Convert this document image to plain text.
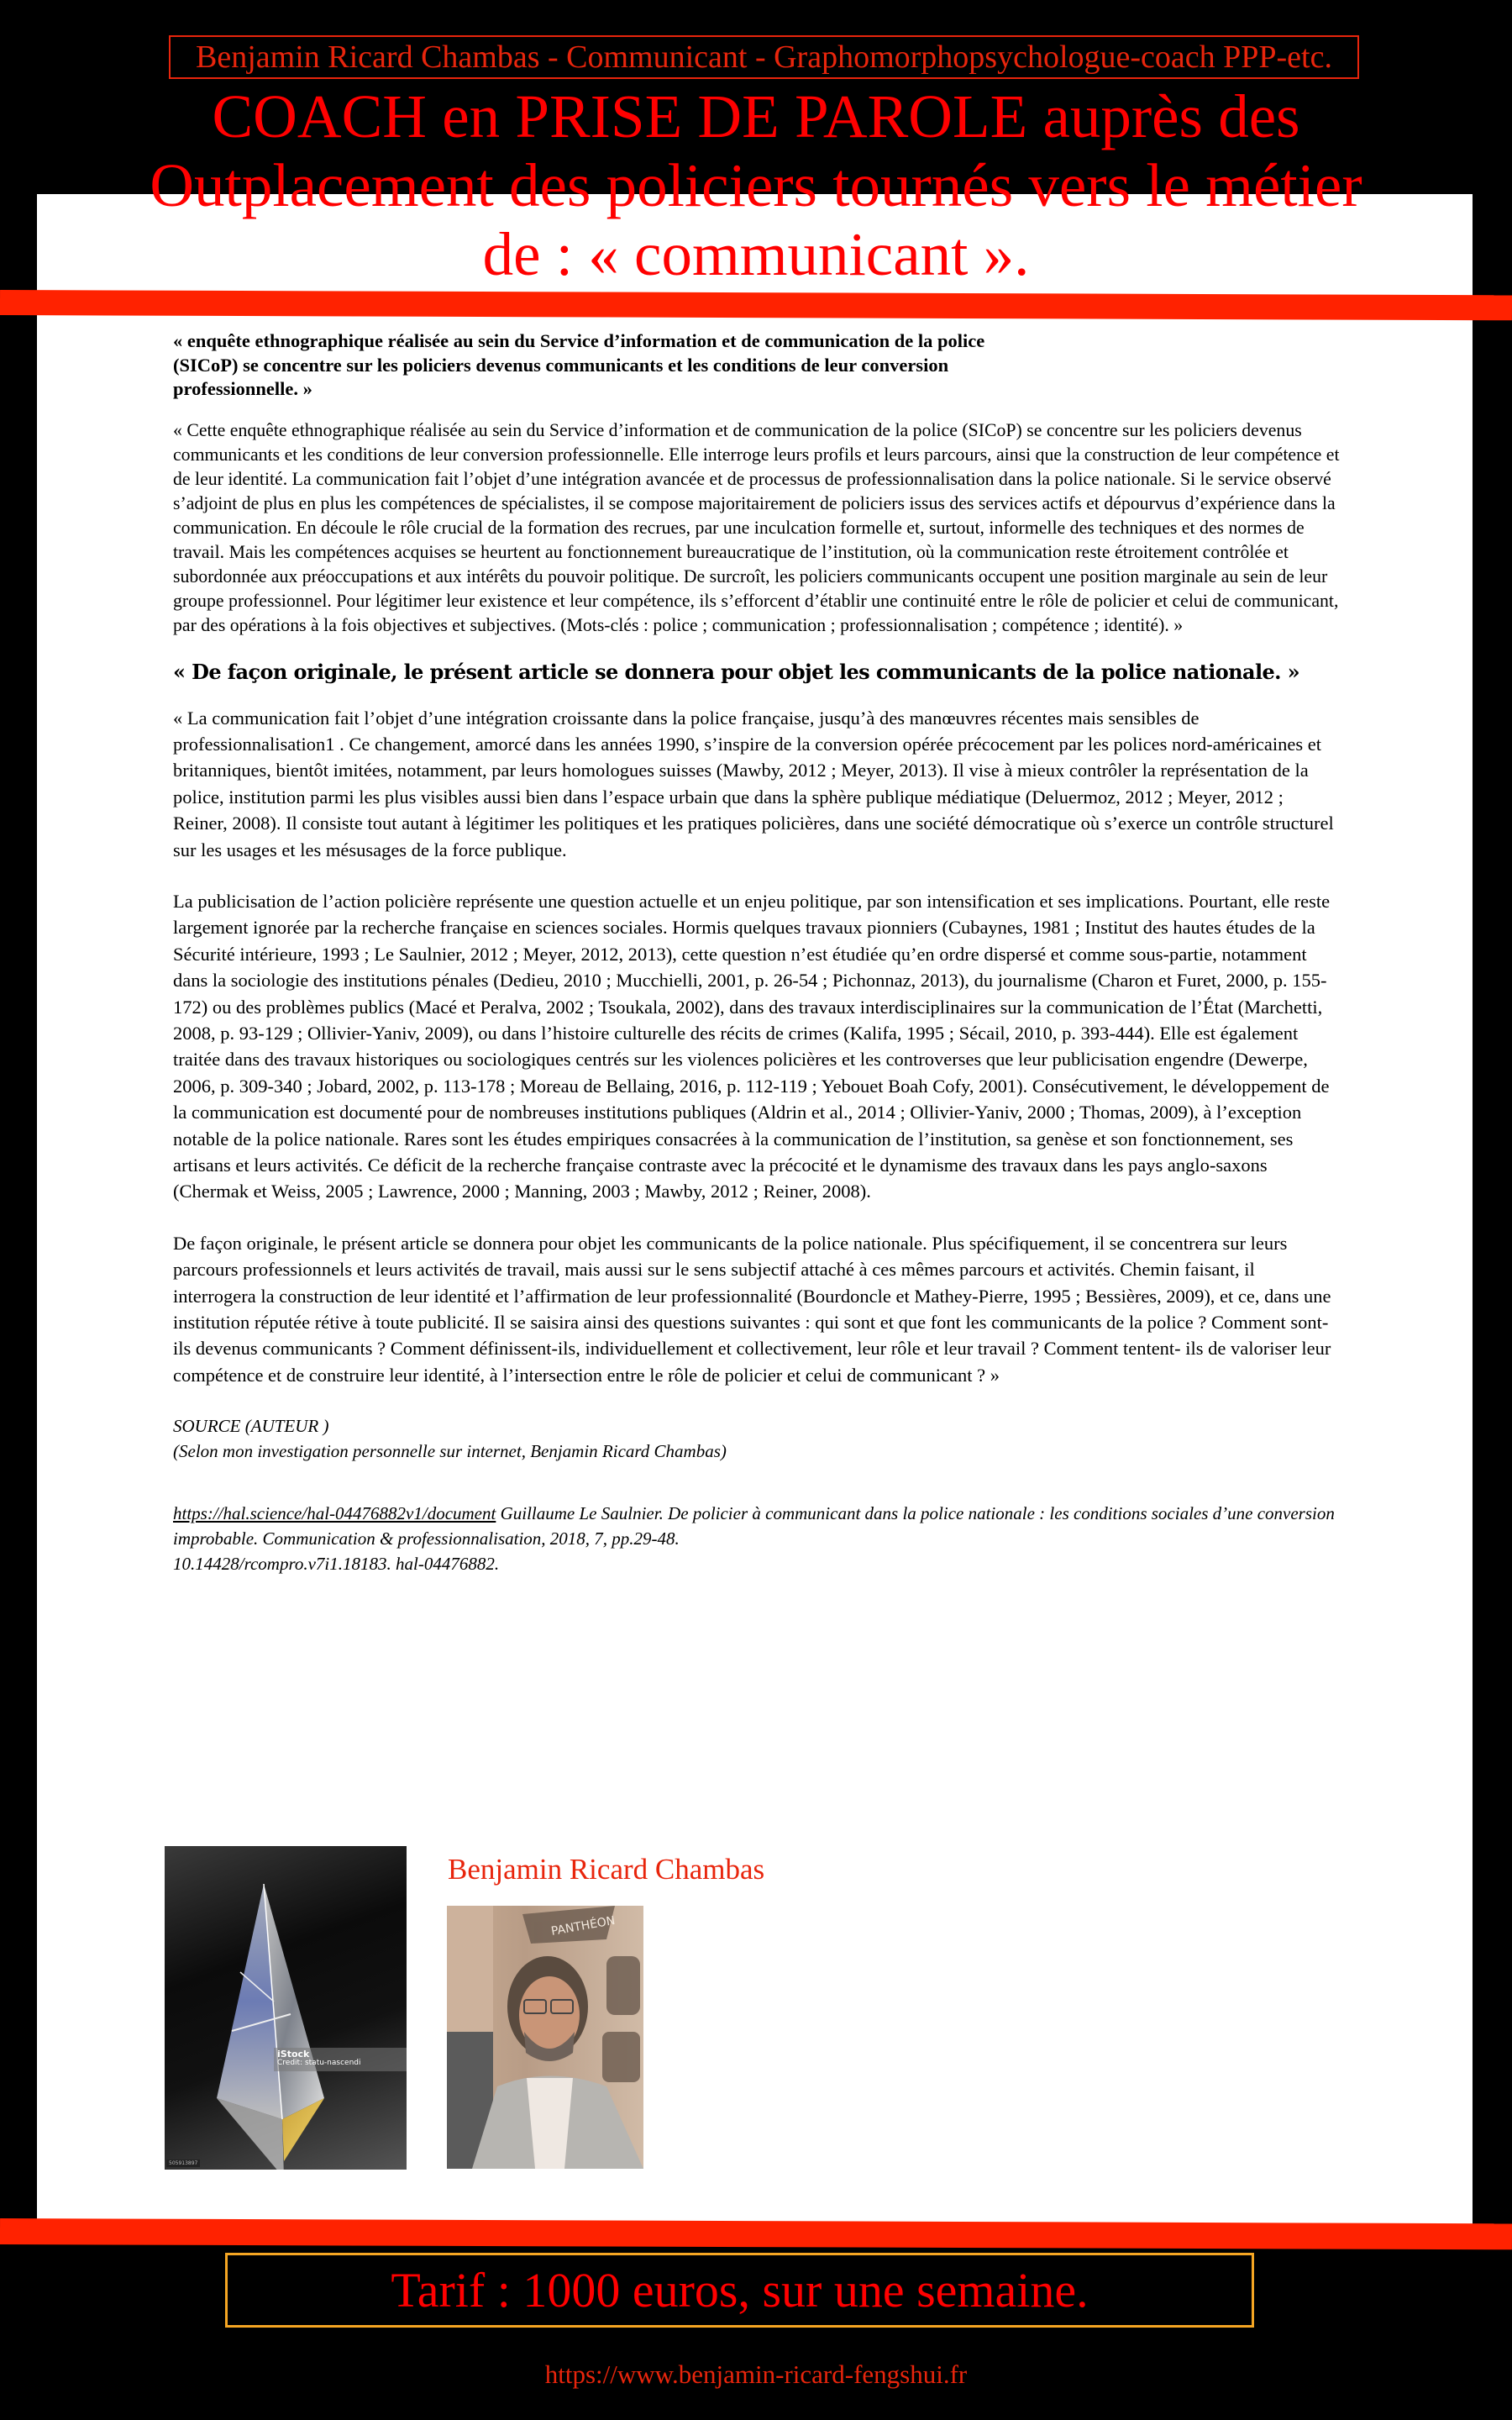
Benjamin Ricard Chambas - Communicant - Graphomorphopsychologue-coach PPP-etc.
COACH en PRISE DE PAROLE auprès des
Outplacement des policiers tournés vers le métier
de : « communicant ».

« enquête ethnographique réalisée au sein du Service d’information et de communication de la police (SICoP) se concentre sur les policiers devenus communicants et les conditions de leur conversion professionnelle. »

« Cette enquête ethnographique réalisée au sein du Service d’information et de communication de la police (SICoP) se concentre sur les policiers devenus communicants et les conditions de leur conversion professionnelle. Elle interroge leurs profils et leurs parcours, ainsi que la construction de leur compétence et de leur identité. La communication fait l’objet d’une intégration avancée et de processus de professionnalisation dans la police nationale. Si le service observé s’adjoint de plus en plus les compétences de spécialistes, il se compose majoritairement de policiers issus des services actifs et dépourvus d’expérience dans la communication. En découle le rôle crucial de la formation des recrues, par une inculcation formelle et, surtout, informelle des techniques et des normes de travail. Mais les compétences acquises se heurtent au fonctionnement bureaucratique de l’institution, où la communication reste étroitement contrôlée et subordonnée aux préoccupations et aux intérêts du pouvoir politique. De surcroît, les policiers communicants occupent une position marginale au sein de leur groupe professionnel. Pour légitimer leur existence et leur compétence, ils s’efforcent d’établir une continuité entre le rôle de policier et celui de communicant, par des opérations à la fois objectives et subjectives. (Mots-clés : police ; communication ; professionnalisation ; compétence ; identité). »

« De façon originale, le présent article se donnera pour objet les communicants de la police nationale. »

« La communication fait l’objet d’une intégration croissante dans la police française, jusqu’à des manœuvres récentes mais sensibles de professionnalisation1 . Ce changement, amorcé dans les années 1990, s’inspire de la conversion opérée précocement par les polices nord-américaines et britanniques, bientôt imitées, notamment, par leurs homologues suisses (Mawby, 2012 ; Meyer, 2013). Il vise à mieux contrôler la représentation de la police, institution parmi les plus visibles aussi bien dans l’espace urbain que dans la sphère publique médiatique (Deluermoz, 2012 ; Meyer, 2012 ; Reiner, 2008). Il consiste tout autant à légitimer les politiques et les pratiques policières, dans une société démocratique où s’exerce un contrôle structurel sur les usages et les mésusages de la force publique.

La publicisation de l’action policière représente une question actuelle et un enjeu politique, par son intensification et ses implications. Pourtant, elle reste largement ignorée par la recherche française en sciences sociales. Hormis quelques travaux pionniers (Cubaynes, 1981 ; Institut des hautes études de la Sécurité intérieure, 1993 ; Le Saulnier, 2012 ; Meyer, 2012, 2013), cette question n’est étudiée qu’en ordre dispersé et comme sous-partie, notamment dans la sociologie des institutions pénales (Dedieu, 2010 ; Mucchielli, 2001, p. 26-54 ; Pichonnaz, 2013), du journalisme (Charon et Furet, 2000, p. 155-172) ou des problèmes publics (Macé et Peralva, 2002 ; Tsoukala, 2002), dans des travaux interdisciplinaires sur la communication de l’État (Marchetti, 2008, p. 93-129 ; Ollivier-Yaniv, 2009), ou dans l’histoire culturelle des récits de crimes (Kalifa, 1995 ; Sécail, 2010, p. 393-444). Elle est également traitée dans des travaux historiques ou sociologiques centrés sur les violences policières et les controverses que leur publicisation engendre (Dewerpe, 2006, p. 309-340 ; Jobard, 2002, p. 113-178 ; Moreau de Bellaing, 2016, p. 112-119 ; Yebouet Boah Cofy, 2001). Consécutivement, le développement de la communication est documenté pour de nombreuses institutions publiques (Aldrin et al., 2014 ; Ollivier-Yaniv, 2000 ; Thomas, 2009), à l’exception notable de la police nationale. Rares sont les études empiriques consacrées à la communication de l’institution, sa genèse et son fonctionnement, ses artisans et leurs activités. Ce déficit de la recherche française contraste avec la précocité et le dynamisme des travaux dans les pays anglo-saxons (Chermak et Weiss, 2005 ; Lawrence, 2000 ; Manning, 2003 ; Mawby, 2012 ; Reiner, 2008).

De façon originale, le présent article se donnera pour objet les communicants de la police nationale. Plus spécifiquement, il se concentrera sur leurs parcours professionnels et leurs activités de travail, mais aussi sur le sens subjectif attaché à ces mêmes parcours et activités. Chemin faisant, il interrogera la construction de leur identité et l’affirmation de leur professionnalité (Bourdoncle et Mathey-Pierre, 1995 ; Bessières, 2009), et ce, dans une institution réputée rétive à toute publicité. Il se saisira ainsi des questions suivantes : qui sont et que font les communicants de la police ? Comment sont-ils devenus communicants ? Comment définissent-ils, individuellement et collectivement, leur rôle et leur travail ? Comment tentent- ils de valoriser leur compétence et de construire leur identité, à l’intersection entre le rôle de policier et celui de communicant ? »

SOURCE (AUTEUR )

(Selon mon investigation personnelle sur internet, Benjamin Ricard Chambas)

https://hal.science/hal-04476882v1/document Guillaume Le Saulnier. De policier à communicant dans la police nationale : les conditions sociales d’une conversion improbable. Communication & professionnalisation, 2018, 7, pp.29-48.

10.14428/rcompro.v7i1.18183. hal-04476882.

iStock
Credit: statu-nascendi
505913897
Benjamin Ricard Chambas
PANTHÉON
Tarif : 1000 euros, sur une semaine.
https://www.benjamin-ricard-fengshui.fr
